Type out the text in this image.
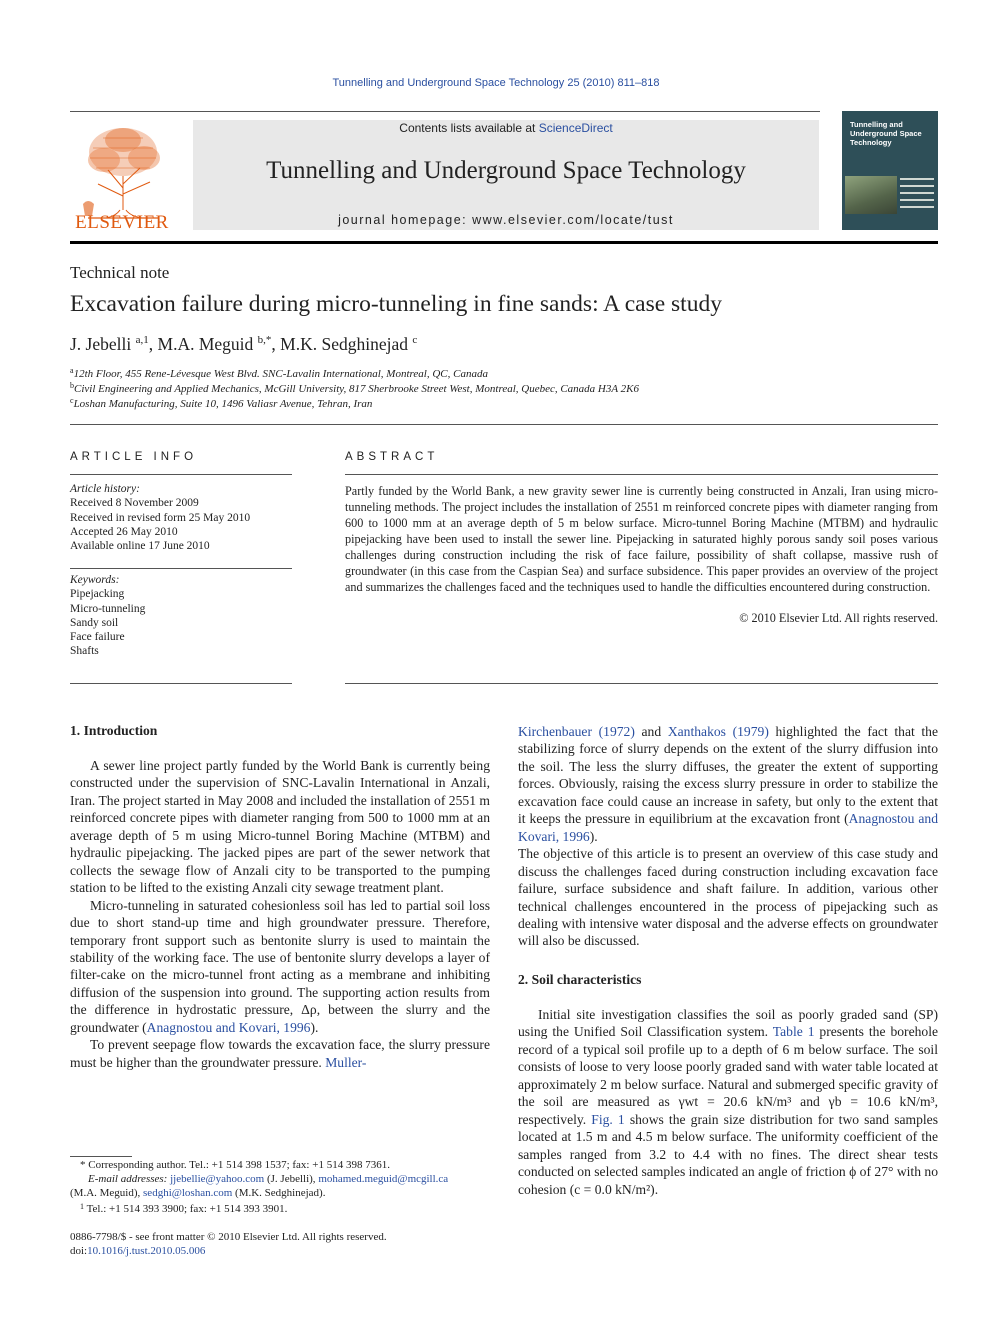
Tunnelling and Underground Space Technology 25 (2010) 811–818
ELSEVIER
Contents lists available at ScienceDirect
Tunnelling and Underground Space Technology
journal homepage: www.elsevier.com/locate/tust
Tunnelling and Underground Space Technology
Technical note
Excavation failure during micro-tunneling in fine sands: A case study
J. Jebelli $^{a,1}$, M.A. Meguid $^{b,*}$, M.K. Sedghinejad $^c$
$^a$12th Floor, 455 Rene-Lévesque West Blvd. SNC-Lavalin International, Montreal, QC, Canada
$^b$Civil Engineering and Applied Mechanics, McGill University, 817 Sherbrooke Street West, Montreal, Quebec, Canada H3A 2K6
$^c$Loshan Manufacturing, Suite 10, 1496 Valiasr Avenue, Tehran, Iran
ARTICLE INFO
Article history:
Received 8 November 2009
Received in revised form 25 May 2010
Accepted 26 May 2010
Available online 17 June 2010
Keywords:
Pipejacking
Micro-tunneling
Sandy soil
Face failure
Shafts
ABSTRACT
Partly funded by the World Bank, a new gravity sewer line is currently being constructed in Anzali, Iran using micro-tunneling methods. The project includes the installation of 2551 m reinforced concrete pipes with diameter ranging from 600 to 1000 mm at an average depth of 5 m below surface. Micro-tunnel Boring Machine (MTBM) and hydraulic pipejacking have been used to install the sewer line. Pipejacking in saturated highly porous sandy soil poses various challenges during construction including the risk of face failure, possibility of shaft collapse, massive rush of groundwater (in this case from the Caspian Sea) and surface subsidence. This paper provides an overview of the project and summarizes the challenges faced and the techniques used to handle the difficulties encountered during construction.
© 2010 Elsevier Ltd. All rights reserved.
1. Introduction

A sewer line project partly funded by the World Bank is currently being constructed under the supervision of SNC-Lavalin International in Anzali, Iran. The project started in May 2008 and included the installation of 2551 m reinforced concrete pipes with diameter ranging from 500 to 1000 mm at an average depth of 5 m using Micro-tunnel Boring Machine (MTBM) and hydraulic pipejacking. The jacked pipes are part of the sewer network that collects the sewage flow of Anzali city to be transported to the pumping station to be lifted to the existing Anzali city sewage treatment plant.

Micro-tunneling in saturated cohesionless soil has led to partial soil loss due to short stand-up time and high groundwater pressure. Therefore, temporary front support such as bentonite slurry is used to maintain the stability of the working face. The use of bentonite slurry develops a layer of filter-cake on the micro-tunnel front acting as a membrane and inhibiting diffusion of the suspension into ground. The supporting action results from the difference in hydrostatic pressure, Δρ, between the slurry and the groundwater (Anagnostou and Kovari, 1996).

To prevent seepage flow towards the excavation face, the slurry pressure must be higher than the groundwater pressure. Muller-

Kirchenbauer (1972) and Xanthakos (1979) highlighted the fact that the stabilizing force of slurry depends on the extent of the slurry diffusion into the soil. The less the slurry diffuses, the greater the extent of supporting forces. Obviously, raising the excess slurry pressure in order to stabilize the excavation face could cause an increase in safety, but only to the extent that it keeps the pressure in equilibrium at the excavation front (Anagnostou and Kovari, 1996).

The objective of this article is to present an overview of this case study and discuss the challenges faced during construction including excavation face failure, surface subsidence and shaft failure. In addition, various other technical challenges encountered in the process of pipejacking such as dealing with intensive water disposal and the adverse effects on groundwater will also be discussed.

2. Soil characteristics

Initial site investigation classifies the soil as poorly graded sand (SP) using the Unified Soil Classification system. Table 1 presents the borehole record of a typical soil profile up to a depth of 6 m below surface. The soil consists of loose to very loose poorly graded sand with water table located at approximately 2 m below surface. Natural and submerged specific gravity of the soil are measured as γwt = 20.6 kN/m³ and γb = 10.6 kN/m³, respectively. Fig. 1 shows the grain size distribution for two sand samples located at 1.5 m and 4.5 m below surface. The uniformity coefficient of the samples ranged from 3.2 to 4.4 with no fines. The direct shear tests conducted on selected samples indicated an angle of friction ϕ of 27° with no cohesion (c = 0.0 kN/m²).

* Corresponding author. Tel.: +1 514 398 1537; fax: +1 514 398 7361.
E-mail addresses: jjebellie@yahoo.com (J. Jebelli), mohamed.meguid@mcgill.ca
(M.A. Meguid), sedghi@loshan.com (M.K. Sedghinejad).
$^1$ Tel.: +1 514 393 3900; fax: +1 514 393 3901.
0886-7798/$ - see front matter © 2010 Elsevier Ltd. All rights reserved.
doi:10.1016/j.tust.2010.05.006
